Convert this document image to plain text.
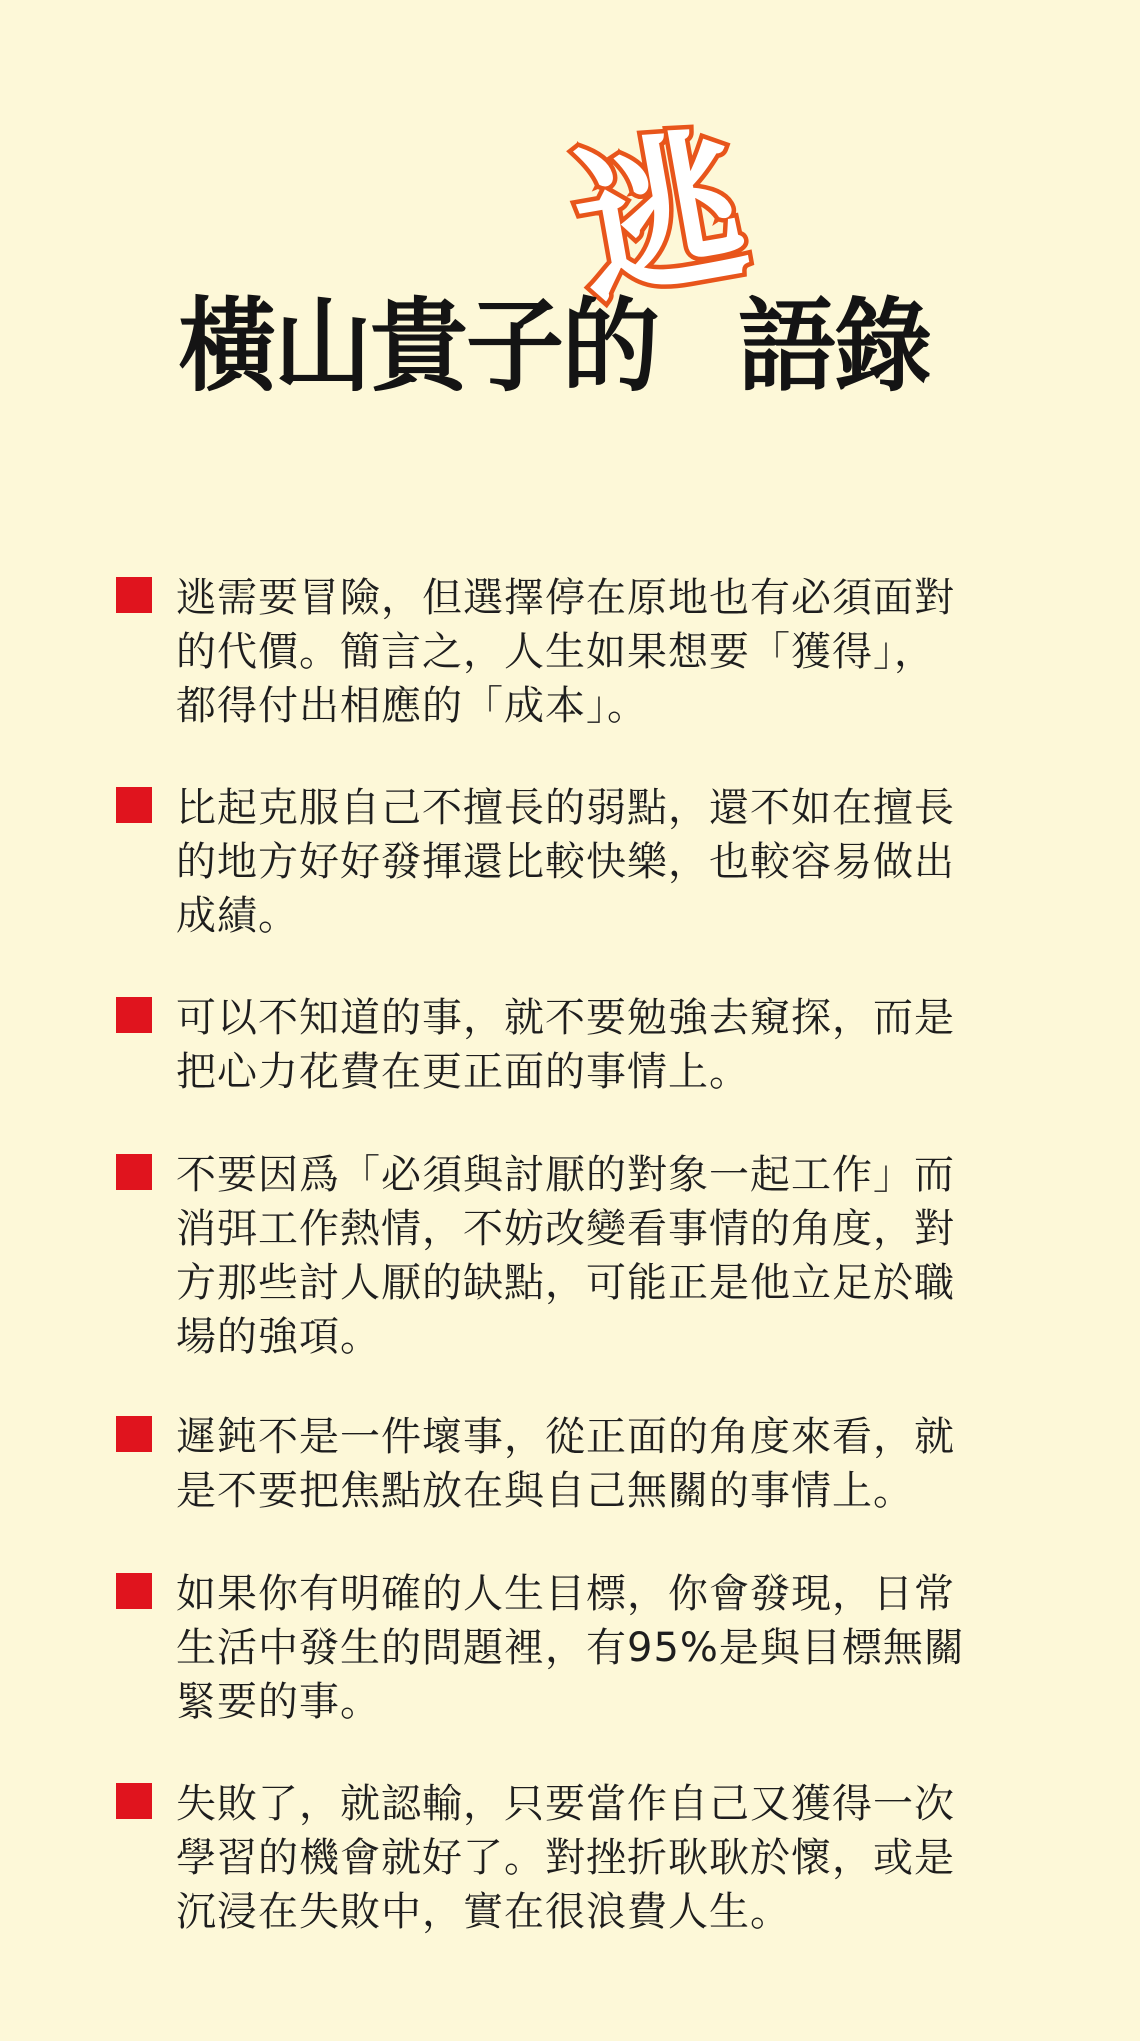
逃
橫山貴子的 語錄
逃需要冒險，但選擇停在原地也有必須面對
的代價。簡言之，人生如果想要「獲得」，
都得付出相應的「成本」。
比起克服自己不擅長的弱點，還不如在擅長
的地方好好發揮還比較快樂，也較容易做出
成績。
可以不知道的事，就不要勉強去窺探，而是
把心力花費在更正面的事情上。
不要因爲「必須與討厭的對象一起工作」而
消弭工作熱情，不妨改變看事情的角度，對
方那些討人厭的缺點，可能正是他立足於職
場的強項。
遲鈍不是一件壞事，從正面的角度來看，就
是不要把焦點放在與自己無關的事情上。
如果你有明確的人生目標，你會發現，日常
生活中發生的問題裡，有95%是與目標無關
緊要的事。
失敗了，就認輸，只要當作自己又獲得一次
學習的機會就好了。對挫折耿耿於懷，或是
沉浸在失敗中，實在很浪費人生。
